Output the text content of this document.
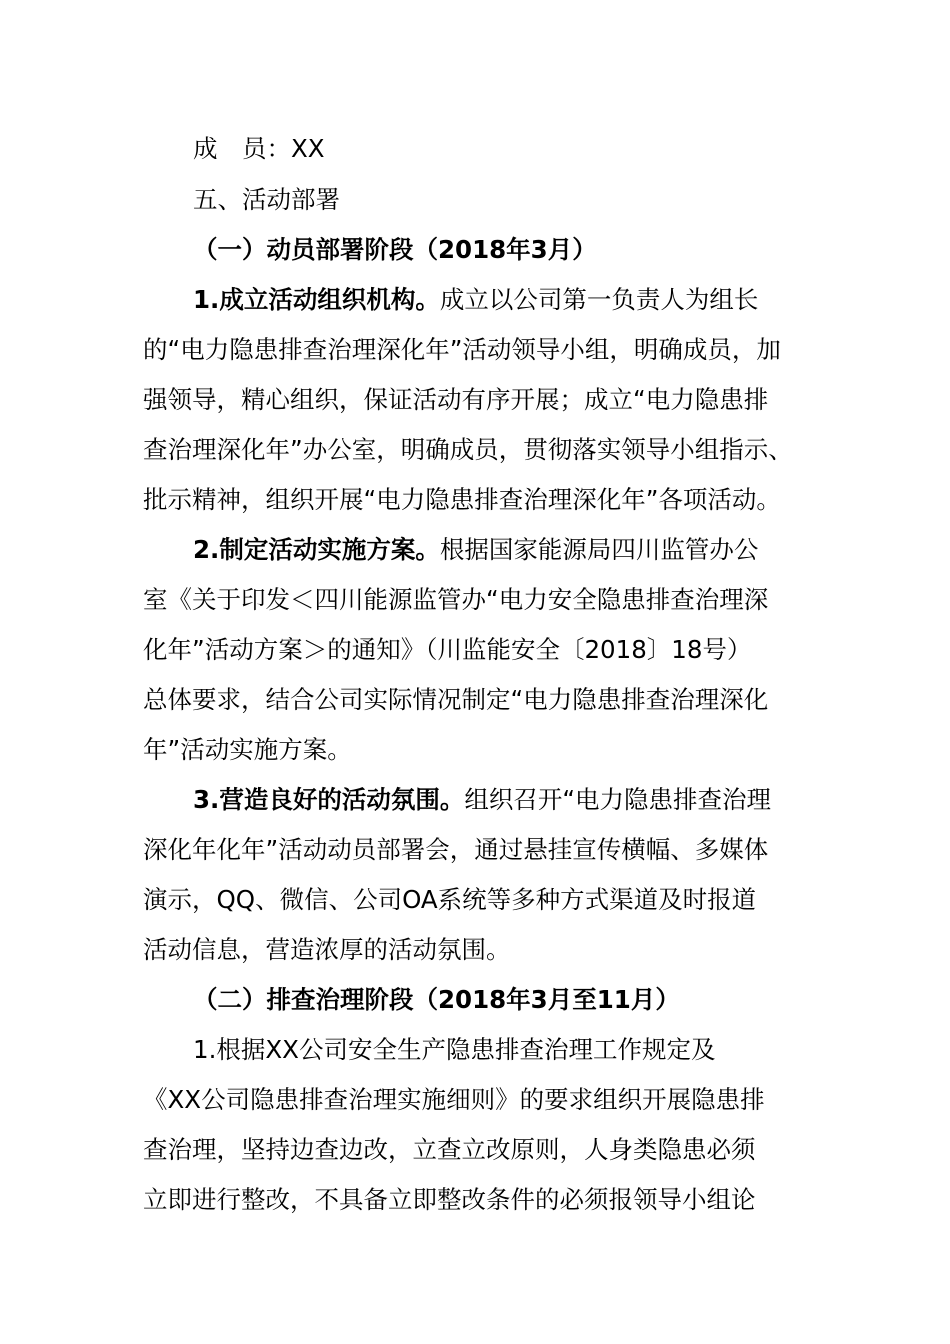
成　员：XX
五、活动部署
（一）动员部署阶段（2018年3月）
1.成立活动组织机构。成立以公司第一负责人为组长
的“电力隐患排查治理深化年”活动领导小组，明确成员，加
强领导，精心组织，保证活动有序开展；成立“电力隐患排
查治理深化年”办公室，明确成员，贯彻落实领导小组指示、
批示精神，组织开展“电力隐患排查治理深化年”各项活动。
2.制定活动实施方案。根据国家能源局四川监管办公
室《关于印发＜四川能源监管办“电力安全隐患排查治理深
化年”活动方案＞的通知》（川监能安全〔2018〕18号）
总体要求，结合公司实际情况制定“电力隐患排查治理深化
年”活动实施方案。
3.营造良好的活动氛围。组织召开“电力隐患排查治理
深化年化年”活动动员部署会，通过悬挂宣传横幅、多媒体
演示，QQ、微信、公司OA系统等多种方式渠道及时报道
活动信息，营造浓厚的活动氛围。
（二）排查治理阶段（2018年3月至11月）
1.根据XX公司安全生产隐患排查治理工作规定及
《XX公司隐患排查治理实施细则》的要求组织开展隐患排
查治理，坚持边查边改，立查立改原则，人身类隐患必须
立即进行整改，不具备立即整改条件的必须报领导小组论
